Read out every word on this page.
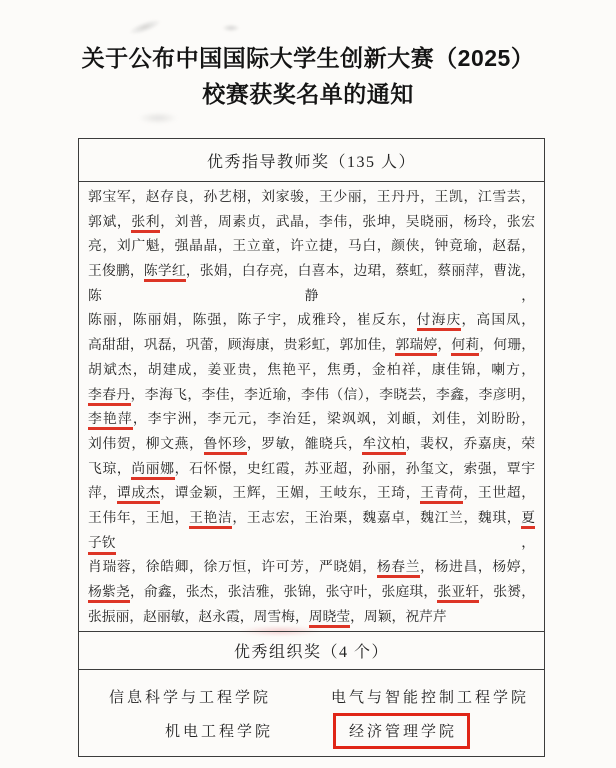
关于公布中国国际大学生创新大赛（2025）
校赛获奖名单的通知
优秀指导教师奖（135 人）
郭宝军，赵存良，孙艺栩，刘家骏，王少丽，王丹丹，王凯，江雪芸，
郭斌，张利，刘普，周素贞，武晶，李伟，张坤，吴晓丽，杨玲，张宏
亮，刘广魁，强晶晶，王立童，许立捷，马白，颜侠，钟竟瑜，赵磊，
王俊鹏，陈学红，张娟，白存亮，白喜本，边珺，蔡虹，蔡丽萍，曹泷，
陈	静	，
陈丽，陈丽娟，陈强，陈子宇，成雅玲，崔反东，付海庆，高国凤，
高甜甜，巩磊，巩蕾，顾海康，贵彩虹，郭加佳，郭瑞婷，何莉，何珊，
胡斌杰，胡建成，姜亚贵，焦艳平，焦勇，金柏祥，康佳锦，喇方，
李春丹，李海飞，李佳，李近瑜，李伟（信），李晓芸，李鑫，李彦明，
李艳萍，李宇洲，李元元，李治廷，梁飒飒，刘頔，刘佳，刘盼盼，
刘伟贺，柳文燕，鲁怀珍，罗敏，雒晓兵，牟汶柏，裴权，乔嘉庚，荣
飞琼，尚丽娜，石怀憬，史红霞，苏亚超，孙丽，孙玺文，索强，覃宇
萍，谭成杰，谭金颖，王辉，王媚，王岐东，王琦，王青荷，王世超，
王伟年，王旭，王艳洁，王志宏，王治栗，魏嘉卓，魏江兰，魏琪，夏
子钦	，
肖瑞蓉，徐皓卿，徐万恒，许可芳，严晓娟，杨春兰，杨进昌，杨婷，
杨紫尧，俞鑫，张杰，张洁雅，张锦，张守叶，张庭琪，张亚轩，张赟，
张振丽，赵丽敏，赵永霞，周雪梅，周晓莹，周颖，祝芹芹
优秀组织奖（4 个）
信息科学与工程学院	电气与智能控制工程学院
机电工程学院	经济管理学院
